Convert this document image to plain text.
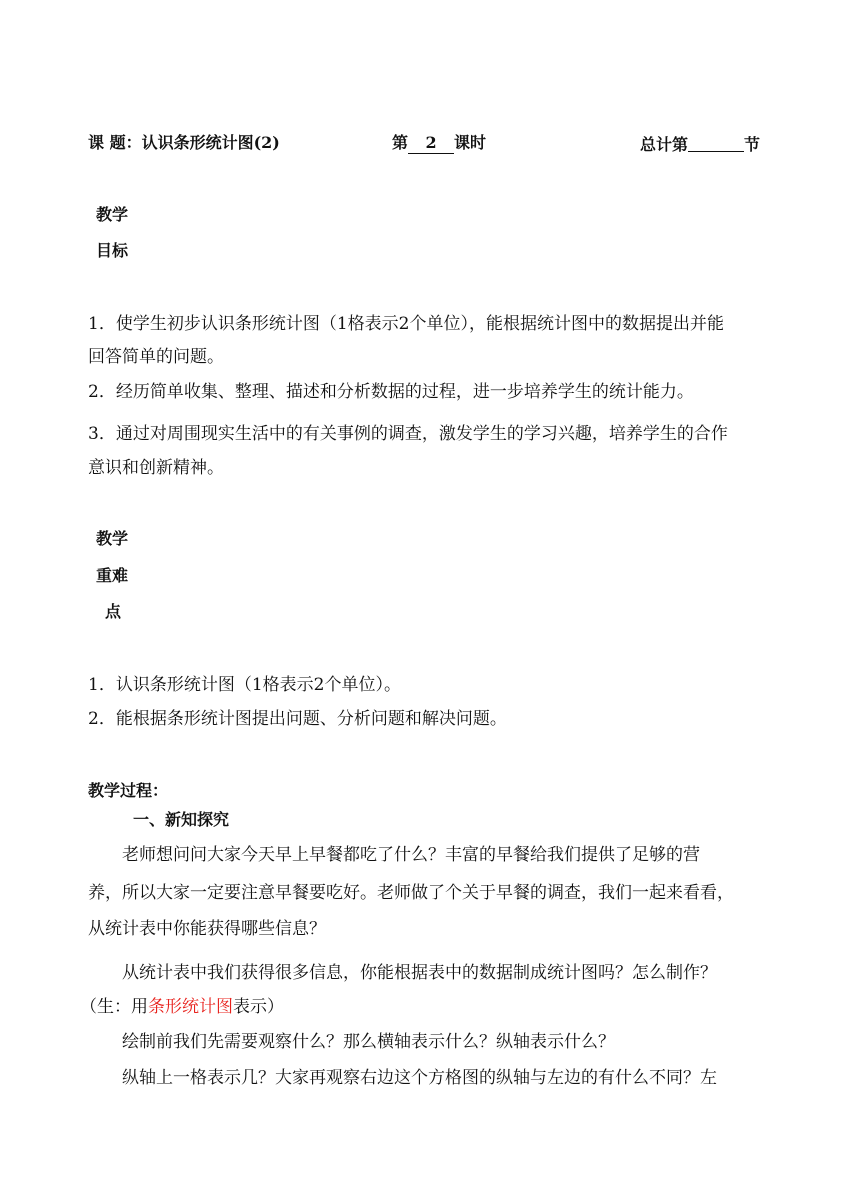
课 题：认识条形统计图(2)	第 2 课时	总计第	节
教学
目标
1．使学生初步认识条形统计图（1格表示2个单位），能根据统计图中的数据提出并能
回答简单的问题。
2．经历简单收集、整理、描述和分析数据的过程，进一步培养学生的统计能力。
3．通过对周围现实生活中的有关事例的调查，激发学生的学习兴趣，培养学生的合作
意识和创新精神。
教学
重难
点
1．认识条形统计图（1格表示2个单位）。
2．能根据条形统计图提出问题、分析问题和解决问题。
教学过程：
一、新知探究
老师想问问大家今天早上早餐都吃了什么？丰富的早餐给我们提供了足够的营
养，所以大家一定要注意早餐要吃好。老师做了个关于早餐的调查，我们一起来看看，
从统计表中你能获得哪些信息？
从统计表中我们获得很多信息，你能根据表中的数据制成统计图吗？怎么制作？
（生：用条形统计图表示）
绘制前我们先需要观察什么？那么横轴表示什么？纵轴表示什么？
纵轴上一格表示几？大家再观察右边这个方格图的纵轴与左边的有什么不同？左
